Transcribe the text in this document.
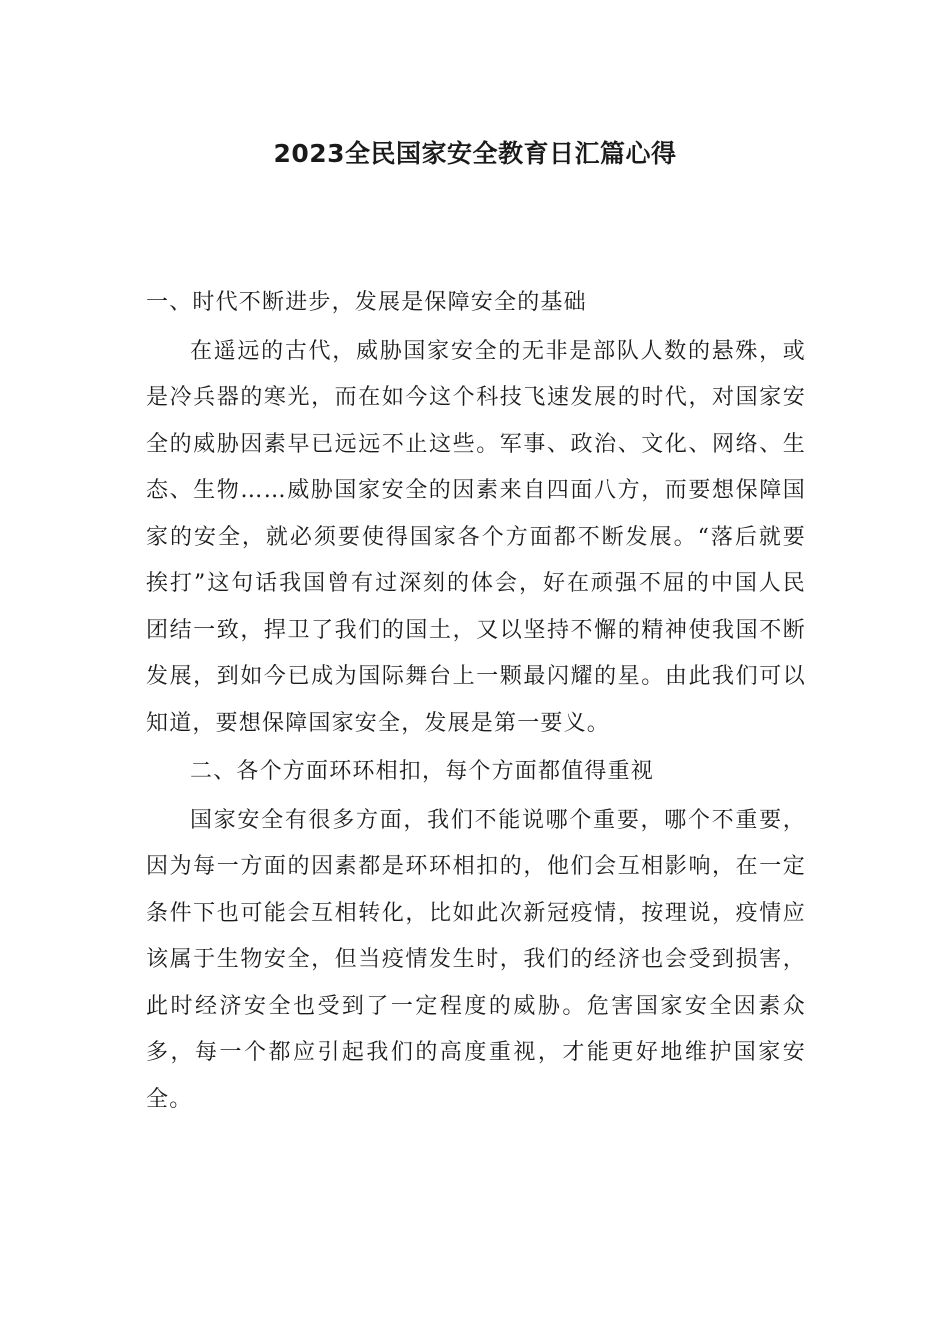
2023全民国家安全教育日汇篇心得

一、时代不断进步，发展是保障安全的基础

在遥远的古代，威胁国家安全的无非是部队人数的悬殊，或是冷兵器的寒光，而在如今这个科技飞速发展的时代，对国家安全的威胁因素早已远远不止这些。军事、政治、文化、网络、生态、生物……威胁国家安全的因素来自四面八方，而要想保障国家的安全，就必须要使得国家各个方面都不断发展。“落后就要挨打”这句话我国曾有过深刻的体会，好在顽强不屈的中国人民团结一致，捍卫了我们的国土，又以坚持不懈的精神使我国不断发展，到如今已成为国际舞台上一颗最闪耀的星。由此我们可以知道，要想保障国家安全，发展是第一要义。

二、各个方面环环相扣，每个方面都值得重视

国家安全有很多方面，我们不能说哪个重要，哪个不重要，因为每一方面的因素都是环环相扣的，他们会互相影响，在一定条件下也可能会互相转化，比如此次新冠疫情，按理说，疫情应该属于生物安全，但当疫情发生时，我们的经济也会受到损害，此时经济安全也受到了一定程度的威胁。危害国家安全因素众多，每一个都应引起我们的高度重视，才能更好地维护国家安全。
